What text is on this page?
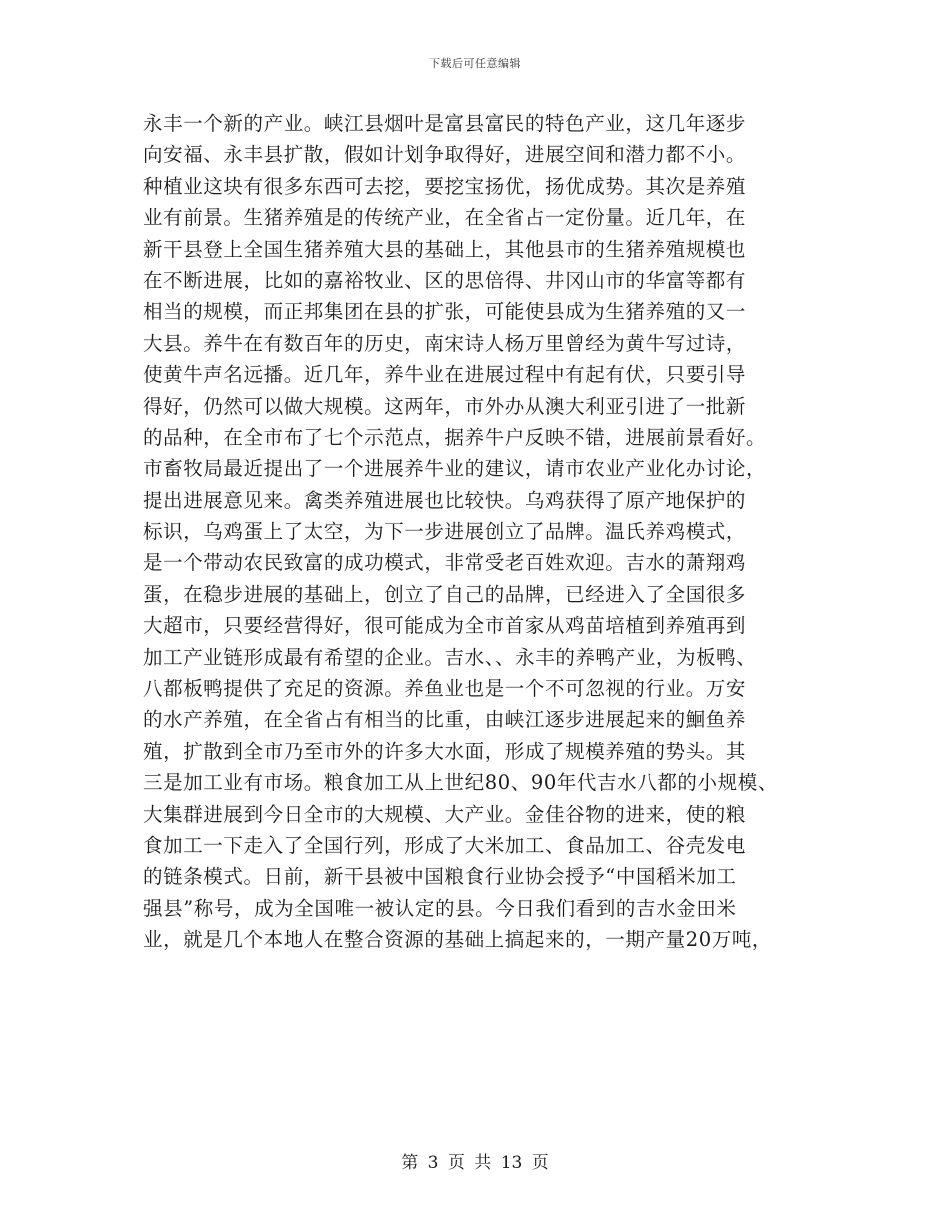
下载后可任意编辑
永丰一个新的产业。峡江县烟叶是富县富民的特色产业，这几年逐步
向安福、永丰县扩散，假如计划争取得好，进展空间和潜力都不小。
种植业这块有很多东西可去挖，要挖宝扬优，扬优成势。其次是养殖
业有前景。生猪养殖是的传统产业，在全省占一定份量。近几年，在
新干县登上全国生猪养殖大县的基础上，其他县市的生猪养殖规模也
在不断进展，比如的嘉裕牧业、区的思倍得、井冈山市的华富等都有
相当的规模，而正邦集团在县的扩张，可能使县成为生猪养殖的又一
大县。养牛在有数百年的历史，南宋诗人杨万里曾经为黄牛写过诗，
使黄牛声名远播。近几年，养牛业在进展过程中有起有伏，只要引导
得好，仍然可以做大规模。这两年，市外办从澳大利亚引进了一批新
的品种，在全市布了七个示范点，据养牛户反映不错，进展前景看好。
市畜牧局最近提出了一个进展养牛业的建议，请市农业产业化办讨论，
提出进展意见来。禽类养殖进展也比较快。乌鸡获得了原产地保护的
标识，乌鸡蛋上了太空，为下一步进展创立了品牌。温氏养鸡模式，
是一个带动农民致富的成功模式，非常受老百姓欢迎。吉水的萧翔鸡
蛋，在稳步进展的基础上，创立了自己的品牌，已经进入了全国很多
大超市，只要经营得好，很可能成为全市首家从鸡苗培植到养殖再到
加工产业链形成最有希望的企业。吉水、、永丰的养鸭产业，为板鸭、
八都板鸭提供了充足的资源。养鱼业也是一个不可忽视的行业。万安
的水产养殖，在全省占有相当的比重，由峡江逐步进展起来的鮰鱼养
殖，扩散到全市乃至市外的许多大水面，形成了规模养殖的势头。其
三是加工业有市场。粮食加工从上世纪80、90年代吉水八都的小规模、
大集群进展到今日全市的大规模、大产业。金佳谷物的进来，使的粮
食加工一下走入了全国行列，形成了大米加工、食品加工、谷壳发电
的链条模式。日前，新干县被中国粮食行业协会授予“中国稻米加工
强县”称号，成为全国唯一被认定的县。今日我们看到的吉水金田米
业，就是几个本地人在整合资源的基础上搞起来的，一期产量20万吨，
第 3 页 共 13 页
